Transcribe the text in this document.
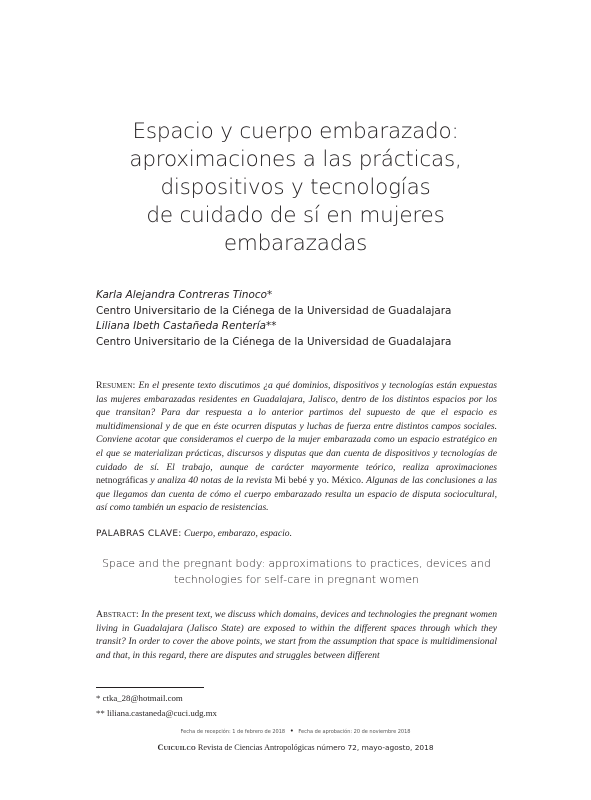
Espacio y cuerpo embarazado:
aproximaciones a las prácticas,
dispositivos y tecnologías
de cuidado de sí en mujeres
embarazadas
Karla Alejandra Contreras Tinoco*
Centro Universitario de la Ciénega de la Universidad de Guadalajara
Liliana Ibeth Castañeda Rentería**
Centro Universitario de la Ciénega de la Universidad de Guadalajara
Resumen: En el presente texto discutimos ¿a qué dominios, dispositivos y tecnologías están expuestas las mujeres embarazadas residentes en Guadalajara, Jalisco, dentro de los distintos espacios por los que transitan? Para dar respuesta a lo anterior partimos del supuesto de que el espacio es multidimensional y de que en éste ocurren disputas y luchas de fuerza entre distintos campos sociales. Conviene acotar que consideramos el cuerpo de la mujer embarazada como un espacio estratégico en el que se materializan prácticas, discursos y disputas que dan cuenta de dispositivos y tecnologías de cuidado de sí. El trabajo, aunque de carácter mayormente teórico, realiza aproximaciones netnográficas y analiza 40 notas de la revista Mi bebé y yo. México. Algunas de las conclusiones a las que llegamos dan cuenta de cómo el cuerpo embarazado resulta un espacio de disputa sociocultural, así como también un espacio de resistencias.
PALABRAS CLAVE: Cuerpo, embarazo, espacio.
Space and the pregnant body: approximations to practices, devices and
technologies for self-care in pregnant women
Abstract: In the present text, we discuss which domains, devices and technologies the pregnant women living in Guadalajara (Jalisco State) are exposed to within the different spaces through which they transit? In order to cover the above points, we start from the assumption that space is multidimensional and that, in this regard, there are disputes and struggles between different
* ctka_28@hotmail.com
** liliana.castaneda@cuci.udg.mx
Fecha de recepción: 1 de febrero de 2018 • Fecha de aprobación: 20 de noviembre 2018
Cuicuilco Revista de Ciencias Antropológicas número 72, mayo-agosto, 2018
